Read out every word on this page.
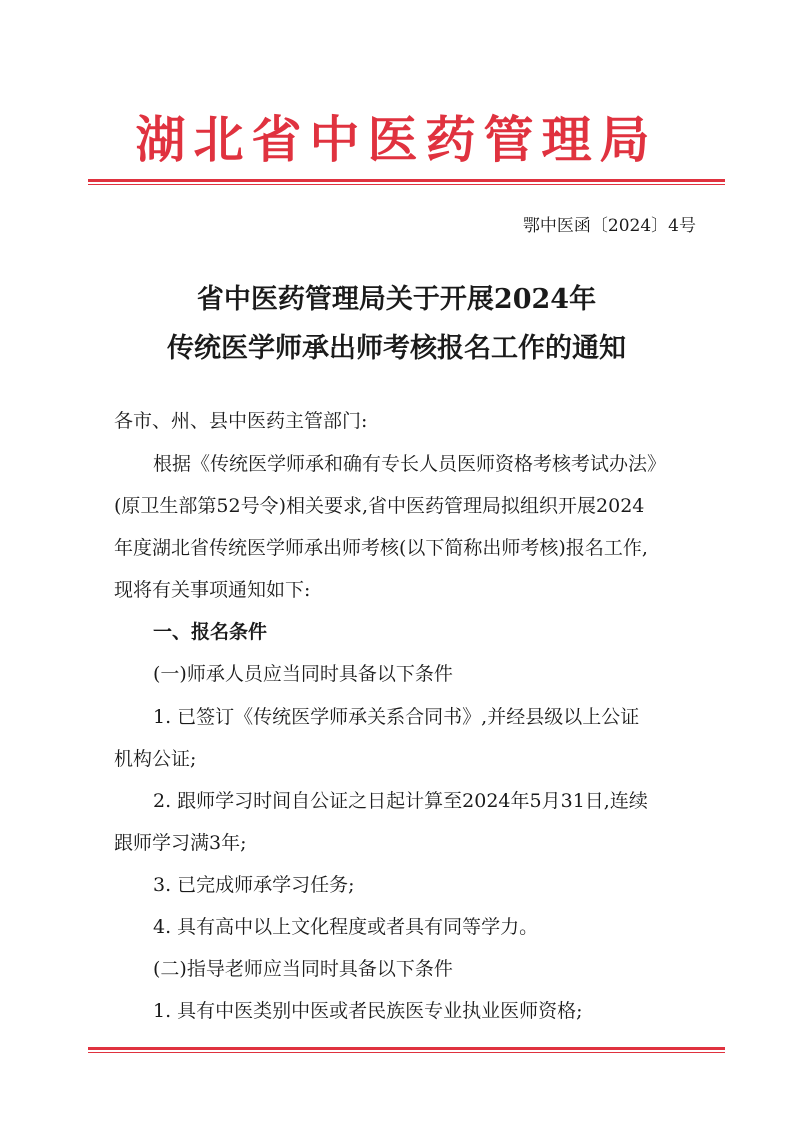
湖北省中医药管理局
鄂中医函〔2024〕4号
省中医药管理局关于开展2024年
传统医学师承出师考核报名工作的通知
各市、州、县中医药主管部门:
根据《传统医学师承和确有专长人员医师资格考核考试办法》
(原卫生部第52号令)相关要求,省中医药管理局拟组织开展2024
年度湖北省传统医学师承出师考核(以下简称出师考核)报名工作,
现将有关事项通知如下:
一、报名条件
(一)师承人员应当同时具备以下条件
1. 已签订《传统医学师承关系合同书》,并经县级以上公证
机构公证;
2. 跟师学习时间自公证之日起计算至2024年5月31日,连续
跟师学习满3年;
3. 已完成师承学习任务;
4. 具有高中以上文化程度或者具有同等学力。
(二)指导老师应当同时具备以下条件
1. 具有中医类别中医或者民族医专业执业医师资格;
